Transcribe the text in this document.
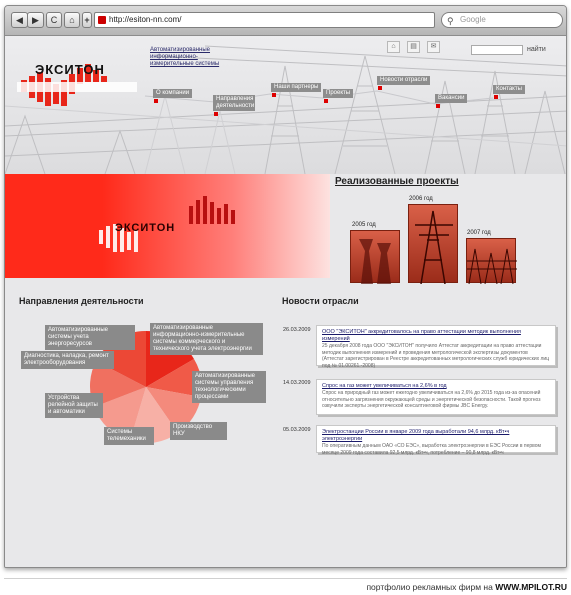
◀	▶	C	⌂	+	http://esiton-nn.com/	⚲ Google
ЭКСИТОН
Автоматизированные информационно-измерительные системы
⌂	▤	✉	найти
О компании
Направления деятельности
Наши партнеры
Проекты
Новости отрасли
Вакансии
Контакты
ЭКСИТОН
Реализованные проекты
2005 год
2006 год
2007 год
Направления деятельности
Автоматизированные системы учета энергоресурсов
Автоматизированные информационно-измерительные системы коммерческого и технического учета электроэнергии
Диагностика, наладка, ремонт электрооборудования
Автоматизированные системы управления технологическими процессами
Устройства релейной защиты и автоматики
Производство НКУ
Системы телемеханики
Новости отрасли
26.03.2009 ООО "ЭКСИТОН" аккредитовалось на право аттестации методик выполнения измерений
25 декабря 2008 года ООО "ЭКСИТОН" получило Аттестат аккредитации на право аттестации методик выполнения измерений и проведения метрологической экспертизы документов (Аттестат зарегистрирован в Реестре аккредитованных метрологических служб юридических лиц под № 01.00261.-2008)
14.03.2009 Спрос на газ может увеличиваться на 2,6% в год
Спрос на природный газ может ежегодно увеличиваться на 2,6% до 2015 года из-за опасений относительно загрязнения окружающей среды и энергетической безопасности. Такой прогноз озвучили эксперты энергетической консалтинговой фирмы JBC Energy.
05.03.2009 Электростанции России в январе 2009 года выработали 94,6 млрд. кВт•ч электроэнергии
По оперативным данным ОАО «СО ЕЭС», выработка электроэнергии в ЕЭС России в первом месяце 2009 года составила 92,5 млрд. кВт•ч, потребление – 90,8 млрд. кВт•ч
портфолио рекламных фирм на WWW.MPILOT.RU
